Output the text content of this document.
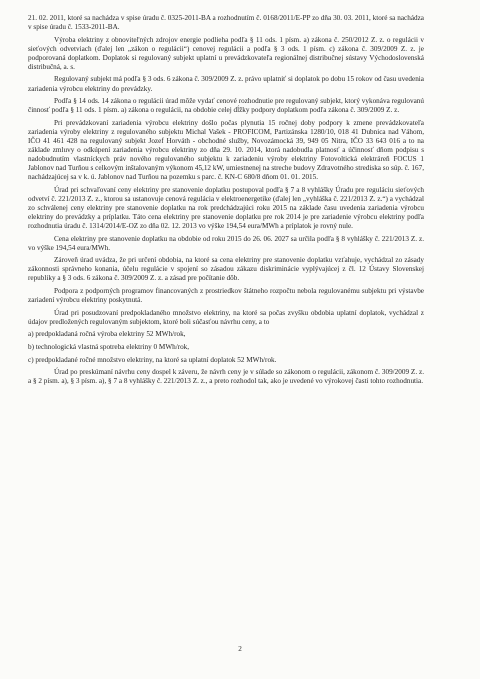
21. 02. 2011, ktoré sa nachádza v spise úradu č. 0325-2011-BA a rozhodnutím č. 0168/2011/E-PP zo dňa 30. 03. 2011, ktoré sa nachádza v spise úradu č. 1533-2011-BA.

Výroba elektriny z obnoviteľných zdrojov energie podlieha podľa § 11 ods. 1 písm. a) zákona č. 250/2012 Z. z. o regulácii v sieťových odvetviach (ďalej len „zákon o regulácii“) cenovej regulácii a podľa § 3 ods. 1 písm. c) zákona č. 309/2009 Z. z. je podporovaná doplatkom. Doplatok si regulovaný subjekt uplatní u prevádzkovateľa regionálnej distribučnej sústavy Východoslovenská distribučná, a. s.

Regulovaný subjekt má podľa § 3 ods. 6 zákona č. 309/2009 Z. z. právo uplatniť si doplatok po dobu 15 rokov od času uvedenia zariadenia výrobcu elektriny do prevádzky.

Podľa § 14 ods. 14 zákona o regulácii úrad môže vydať cenové rozhodnutie pre regulovaný subjekt, ktorý vykonáva regulovanú činnosť podľa § 11 ods. 1 písm. a) zákona o regulácii, na obdobie celej dĺžky podpory doplatkom podľa zákona č. 309/2009 Z. z.

Pri prevádzkovaní zariadenia výrobcu elektriny došlo počas plynutia 15 ročnej doby podpory k zmene prevádzkovateľa zariadenia výroby elektriny z regulovaného subjektu Michal Vašek - PROFICOM, Partizánska 1280/10, 018 41 Dubnica nad Váhom, IČO 41 461 428 na regulovaný subjekt Jozef Horváth - obchodné služby, Novozámocká 39, 949 05 Nitra, IČO 33 643 016 a to na základe zmluvy o odkúpení zariadenia výrobcu elektriny zo dňa 29. 10. 2014, ktorá nadobudla platnosť a účinnosť dňom podpisu s nadobudnutím vlastníckych práv nového regulovaného subjektu k zariadeniu výroby elektriny Fotovoltická elektráreň FOCUS 1 Jablonov nad Turňou s celkovým inštalovaným výkonom 45,12 kW, umiestnenej na streche budovy Zdravotného strediska so súp. č. 167, nachádzajúcej sa v k. ú. Jablonov nad Turňou na pozemku s parc. č. KN-C 680/8 dňom 01. 01. 2015.

Úrad pri schvaľovaní ceny elektriny pre stanovenie doplatku postupoval podľa § 7 a 8 vyhlášky Úradu pre reguláciu sieťových odvetví č. 221/2013 Z. z., ktorou sa ustanovuje cenová regulácia v elektroenergetike (ďalej len „vyhláška č. 221/2013 Z. z.“) a vychádzal zo schválenej ceny elektriny pre stanovenie doplatku na rok predchádzajúci roku 2015 na základe času uvedenia zariadenia výrobcu elektriny do prevádzky a príplatku. Táto cena elektriny pre stanovenie doplatku pre rok 2014 je pre zariadenie výrobcu elektriny podľa rozhodnutia úradu č. 1314/2014/E-OZ zo dňa 02. 12. 2013 vo výške 194,54 eura/MWh a príplatok je rovný nule.

Cena elektriny pre stanovenie doplatku na obdobie od roku 2015 do 26. 06. 2027 sa určila podľa § 8 vyhlášky č. 221/2013 Z. z. vo výške 194,54 eura/MWh.

Zároveň úrad uvádza, že pri určení obdobia, na ktoré sa cena elektriny pre stanovenie doplatku vzťahuje, vychádzal zo zásady zákonnosti správneho konania, účelu regulácie v spojení so zásadou zákazu diskriminácie vyplývajúcej z čl. 12 Ústavy Slovenskej republiky a § 3 ods. 6 zákona č. 309/2009 Z. z. a zásad pre počítanie dôb.

Podpora z podporných programov financovaných z prostriedkov štátneho rozpočtu nebola regulovanému subjektu pri výstavbe zariadení výrobcu elektriny poskytnutá.

Úrad pri posudzovaní predpokladaného množstvo elektriny, na ktoré sa počas zvyšku obdobia uplatní doplatok, vychádzal z údajov predložených regulovaným subjektom, ktoré boli súčasťou návrhu ceny, a to

a) predpokladaná ročná výroba elektriny 52 MWh/rok,
b) technologická vlastná spotreba elektriny 0 MWh/rok,
c) predpokladané ročné množstvo elektriny, na ktoré sa uplatní doplatok 52 MWh/rok.

Úrad po preskúmaní návrhu ceny dospel k záveru, že návrh ceny je v súlade so zákonom o regulácii, zákonom č. 309/2009 Z. z. a § 2 písm. a), § 3 písm. a), § 7 a 8 vyhlášky č. 221/2013 Z. z., a preto rozhodol tak, ako je uvedené vo výrokovej časti tohto rozhodnutia.

2
